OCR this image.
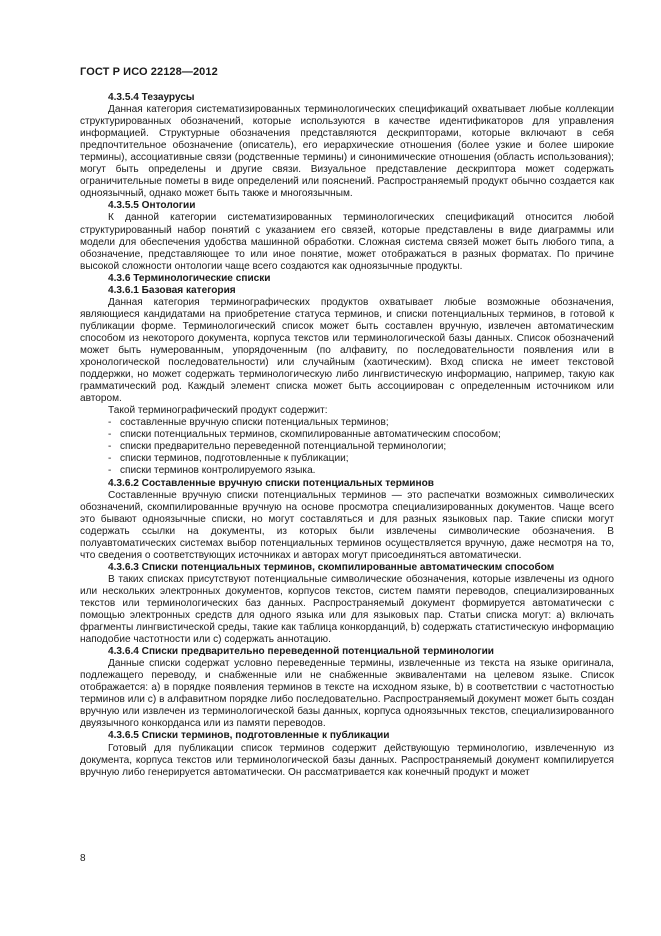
ГОСТ Р ИСО 22128—2012
4.3.5.4 Тезаурусы

Данная категория систематизированных терминологических спецификаций охватывает любые коллекции структурированных обозначений, которые используются в качестве идентификаторов для управления информацией. Структурные обозначения представляются дескрипторами, которые включают в себя предпочтительное обозначение (описатель), его иерархические отношения (более узкие и более широкие термины), ассоциативные связи (родственные термины) и синонимические отношения (область использования); могут быть определены и другие связи. Визуальное представление дескриптора может содержать ограничительные пометы в виде определений или пояснений. Распространяемый продукт обычно создается как одноязычный, однако может быть также и многоязычным.

4.3.5.5 Онтологии

К данной категории систематизированных терминологических спецификаций относится любой структурированный набор понятий с указанием его связей, которые представлены в виде диаграммы или модели для обеспечения удобства машинной обработки. Сложная система связей может быть любого типа, а обозначение, представляющее то или иное понятие, может отображаться в разных форматах. По причине высокой сложности онтологии чаще всего создаются как одноязычные продукты.

4.3.6 Терминологические списки
4.3.6.1 Базовая категория

Данная категория терминографических продуктов охватывает любые возможные обозначения, являющиеся кандидатами на приобретение статуса терминов, и списки потенциальных терминов, в готовой к публикации форме. Терминологический список может быть составлен вручную, извлечен автоматическим способом из некоторого документа, корпуса текстов или терминологической базы данных. Список обозначений может быть нумерованным, упорядоченным (по алфавиту, по последовательности появления или в хронологической последовательности) или случайным (хаотическим). Вход списка не имеет текстовой поддержки, но может содержать терминологическую либо лингвистическую информацию, например, такую как грамматический род. Каждый элемент списка может быть ассоциирован с определенным источником или автором.

Такой терминографический продукт содержит:

- составленные вручную списки потенциальных терминов;
- списки потенциальных терминов, скомпилированные автоматическим способом;
- списки предварительно переведенной потенциальной терминологии;
- списки терминов, подготовленные к публикации;
- списки терминов контролируемого языка.
4.3.6.2 Составленные вручную списки потенциальных терминов

Составленные вручную списки потенциальных терминов — это распечатки возможных символических обозначений, скомпилированные вручную на основе просмотра специализированных документов. Чаще всего это бывают одноязычные списки, но могут составляться и для разных языковых пар. Такие списки могут содержать ссылки на документы, из которых были извлечены символические обозначения. В полуавтоматических системах выбор потенциальных терминов осуществляется вручную, даже несмотря на то, что сведения о соответствующих источниках и авторах могут присоединяться автоматически.

4.3.6.3 Списки потенциальных терминов, скомпилированные автоматическим способом

В таких списках присутствуют потенциальные символические обозначения, которые извлечены из одного или нескольких электронных документов, корпусов текстов, систем памяти переводов, специализированных текстов или терминологических баз данных. Распространяемый документ формируется автоматически с помощью электронных средств для одного языка или для языковых пар. Статьи списка могут: a) включать фрагменты лингвистической среды, такие как таблица конкорданций, b) содержать статистическую информацию наподобие частотности или c) содержать аннотацию.

4.3.6.4 Списки предварительно переведенной потенциальной терминологии

Данные списки содержат условно переведенные термины, извлеченные из текста на языке оригинала, подлежащего переводу, и снабженные или не снабженные эквивалентами на целевом языке. Список отображается: a) в порядке появления терминов в тексте на исходном языке, b) в соответствии с частотностью терминов или c) в алфавитном порядке либо последовательно. Распространяемый документ может быть создан вручную или извлечен из терминологической базы данных, корпуса одноязычных текстов, специализированного двуязычного конкорданса или из памяти переводов.

4.3.6.5 Списки терминов, подготовленные к публикации

Готовый для публикации список терминов содержит действующую терминологию, извлеченную из документа, корпуса текстов или терминологической базы данных. Распространяемый документ компилируется вручную либо генерируется автоматически. Он рассматривается как конечный продукт и может

8
